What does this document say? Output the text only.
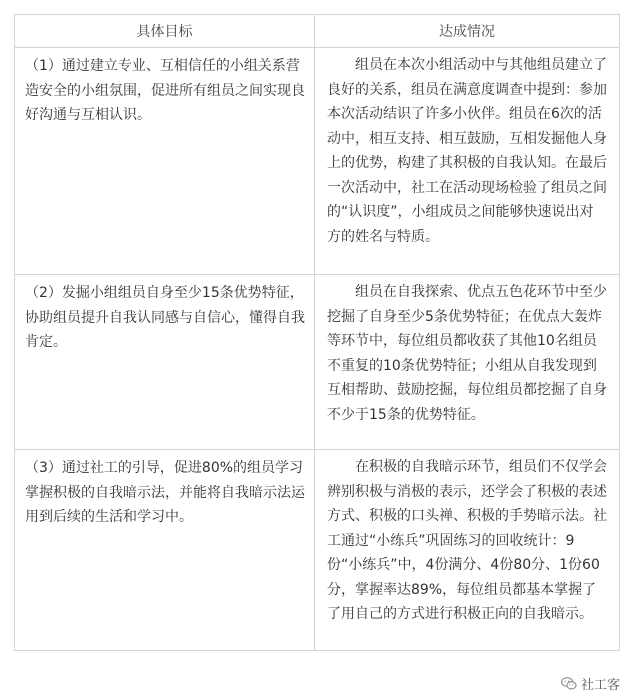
具体目标	达成情况

（1）通过建立专业、互相信任的小组关系营造安全的小组氛围，促进所有组员之间实现良好沟通与互相认识。	组员在本次小组活动中与其他组员建立了良好的关系，组员在满意度调查中提到：参加本次活动结识了许多小伙伴。组员在6次的活动中，相互支持、相互鼓励，互相发掘他人身上的优势，构建了其积极的自我认知。在最后一次活动中，社工在活动现场检验了组员之间的“认识度”，小组成员之间能够快速说出对方的姓名与特质。

（2）发掘小组组员自身至少15条优势特征，协助组员提升自我认同感与自信心，懂得自我肯定。	组员在自我探索、优点五色花环节中至少挖掘了自身至少5条优势特征；在优点大轰炸等环节中，每位组员都收获了其他10名组员不重复的10条优势特征；小组从自我发现到互相帮助、鼓励挖掘，每位组员都挖掘了自身不少于15条的优势特征。

（3）通过社工的引导，促进80%的组员学习掌握积极的自我暗示法，并能将自我暗示法运用到后续的生活和学习中。	在积极的自我暗示环节，组员们不仅学会辨别积极与消极的表示，还学会了积极的表述方式、积极的口头禅、积极的手势暗示法。社工通过“小练兵”巩固练习的回收统计：9份“小练兵”中，4份满分、4份80分、1份60分，掌握率达89%，每位组员都基本掌握了了用自己的方式进行积极正向的自我暗示。
社工客
